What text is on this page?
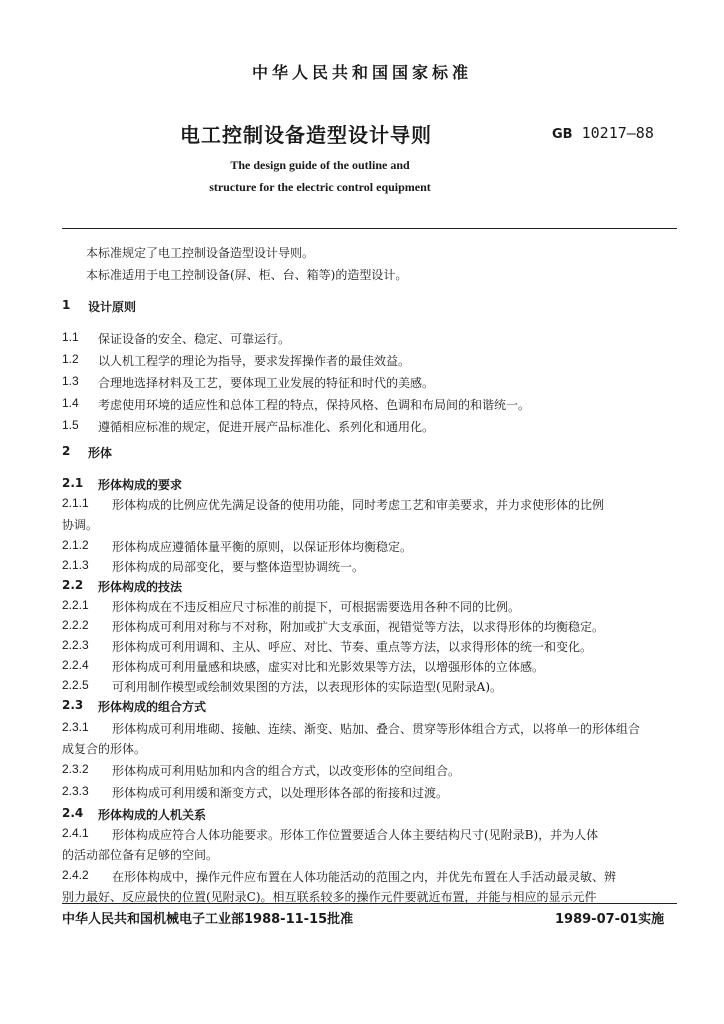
中华人民共和国国家标准
电工控制设备造型设计导则	GB 10217—88
The design guide of the outline and
structure for the electric control equipment
本标准规定了电工控制设备造型设计导则。
本标准适用于电工控制设备(屏、柜、台、箱等)的造型设计。
1 设计原则
1.1 保证设备的安全、稳定、可靠运行。
1.2 以人机工程学的理论为指导，要求发挥操作者的最佳效益。
1.3 合理地选择材料及工艺，要体现工业发展的特征和时代的美感。
1.4 考虑使用环境的适应性和总体工程的特点，保持风格、色调和布局间的和谐统一。
1.5 遵循相应标准的规定，促进开展产品标准化、系列化和通用化。
2 形体
2.1 形体构成的要求
2.1.1 形体构成的比例应优先满足设备的使用功能，同时考虑工艺和审美要求，并力求使形体的比例
协调。
2.1.2 形体构成应遵循体量平衡的原则，以保证形体均衡稳定。
2.1.3 形体构成的局部变化，要与整体造型协调统一。
2.2 形体构成的技法
2.2.1 形体构成在不违反相应尺寸标准的前提下，可根据需要选用各种不同的比例。
2.2.2 形体构成可利用对称与不对称，附加或扩大支承面，视错觉等方法，以求得形体的均衡稳定。
2.2.3 形体构成可利用调和、主从、呼应、对比、节奏、重点等方法，以求得形体的统一和变化。
2.2.4 形体构成可利用量感和块感，虚实对比和光影效果等方法，以增强形体的立体感。
2.2.5 可利用制作模型或绘制效果图的方法，以表现形体的实际造型(见附录A)。
2.3 形体构成的组合方式
2.3.1 形体构成可利用堆砌、接触、连续、渐变、贴加、叠合、贯穿等形体组合方式，以将单一的形体组合
成复合的形体。
2.3.2 形体构成可利用贴加和内含的组合方式，以改变形体的空间组合。
2.3.3 形体构成可利用缓和渐变方式，以处理形体各部的衔接和过渡。
2.4 形体构成的人机关系
2.4.1 形体构成应符合人体功能要求。形体工作位置要适合人体主要结构尺寸(见附录B)，并为人体
的活动部位备有足够的空间。
2.4.2 在形体构成中，操作元件应布置在人体功能活动的范围之内，并优先布置在人手活动最灵敏、辨
别力最好、反应最快的位置(见附录C)。相互联系较多的操作元件要就近布置，并能与相应的显示元件
中华人民共和国机械电子工业部1988-11-15批准	1989-07-01实施
